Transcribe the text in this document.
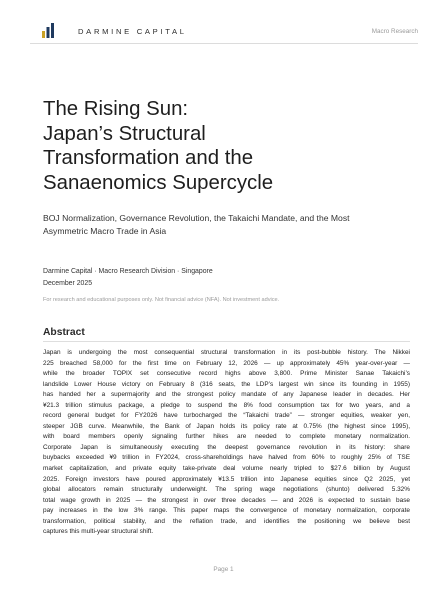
DARMINE CAPITAL	Macro Research
The Rising Sun:
Japan’s Structural
Transformation and the
Sanaenomics Supercycle
BOJ Normalization, Governance Revolution, the Takaichi Mandate, and the Most
Asymmetric Macro Trade in Asia
Darmine Capital · Macro Research Division · Singapore
December 2025
For research and educational purposes only. Not financial advice (NFA). Not investment advice.
Abstract
Japan is undergoing the most consequential structural transformation in its post-bubble history. The Nikkei
225 breached 58,000 for the first time on February 12, 2026 — up approximately 45% year-over-year —
while the broader TOPIX set consecutive record highs above 3,800. Prime Minister Sanae Takaichi’s
landslide Lower House victory on February 8 (316 seats, the LDP’s largest win since its founding in 1955)
has handed her a supermajority and the strongest policy mandate of any Japanese leader in decades. Her
¥21.3 trillion stimulus package, a pledge to suspend the 8% food consumption tax for two years, and a
record general budget for FY2026 have turbocharged the “Takaichi trade” — stronger equities, weaker yen,
steeper JGB curve. Meanwhile, the Bank of Japan holds its policy rate at 0.75% (the highest since 1995),
with board members openly signaling further hikes are needed to complete monetary normalization.
Corporate Japan is simultaneously executing the deepest governance revolution in its history: share
buybacks exceeded ¥9 trillion in FY2024, cross-shareholdings have halved from 60% to roughly 25% of TSE
market capitalization, and private equity take-private deal volume nearly tripled to $27.6 billion by August
2025. Foreign investors have poured approximately ¥13.5 trillion into Japanese equities since Q2 2025, yet
global allocators remain structurally underweight. The spring wage negotiations (shunto) delivered 5.32%
total wage growth in 2025 — the strongest in over three decades — and 2026 is expected to sustain base
pay increases in the low 3% range. This paper maps the convergence of monetary normalization, corporate
transformation, political stability, and the reflation trade, and identifies the positioning we believe best
captures this multi-year structural shift.
Page 1
